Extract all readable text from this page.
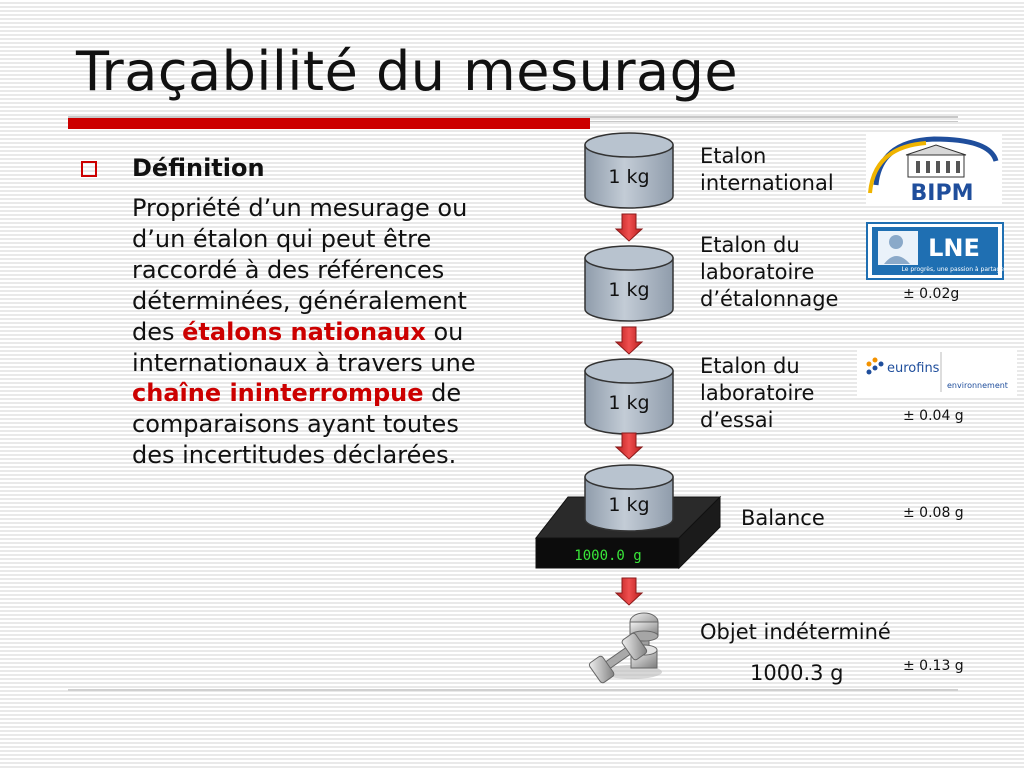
Traçabilité du mesurage

Définition

Propriété d’un mesurage ou d’un étalon qui peut être raccordé à des références déterminées, généralement des étalons nationaux ou internationaux à travers une chaîne ininterrompue de comparaisons ayant toutes des incertitudes déclarées.

1 kg
1 kg
1 kg
1000.0 g
1 kg
Etalon
international
Etalon du
laboratoire
d’étalonnage
Etalon du
laboratoire
d’essai
Balance
Objet indéterminé
1000.3 g
± 0.02g
± 0.04 g
± 0.08 g
± 0.13 g
BIPM
LNE
Le progrès, une passion à partager
eurofins
environnement
